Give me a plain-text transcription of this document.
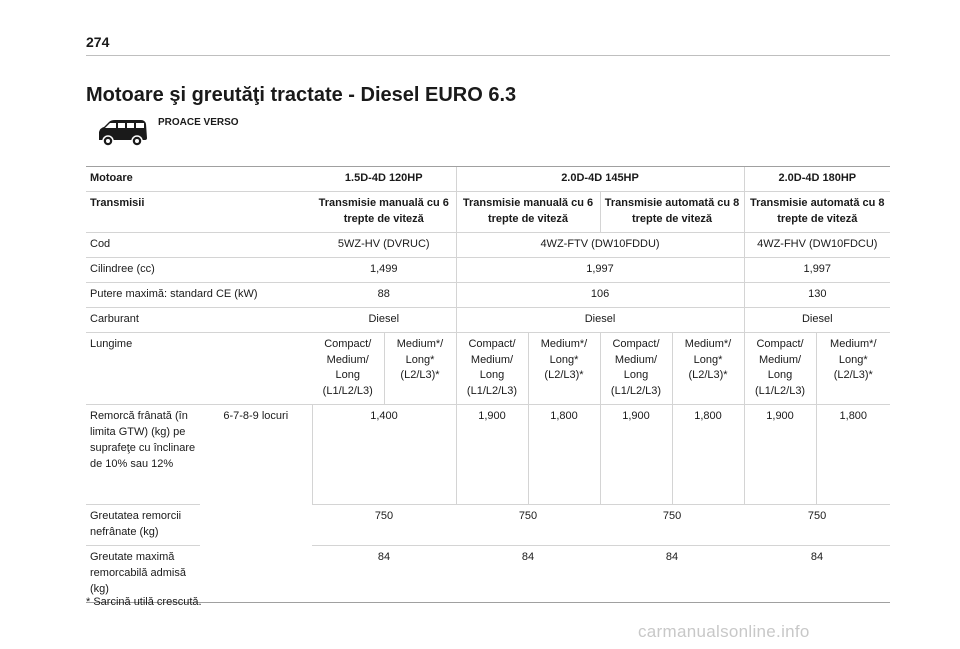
274
Motoare şi greutăţi tractate - Diesel EURO 6.3
PROACE VERSO
Motoare		1.5D-4D 120HP		2.0D-4D 145HP				2.0D-4D 180HP	
Transmisii		Transmisie manuală cu 6 trepte de viteză		Transmisie manuală cu 6 trepte de viteză		Transmisie automată cu 8 trepte de viteză		Transmisie automată cu 8 trepte de viteză	
Cod		5WZ-HV (DVRUC)		4WZ-FTV (DW10FDDU)				4WZ-FHV (DW10FDCU)	
Cilindree (cc)		1,499		1,997				1,997	
Putere maximă: standard CE (kW)		88		106				130	
Carburant		Diesel		Diesel				Diesel	
Lungime		Compact/ Medium/ Long (L1/L2/L3)	Medium*/ Long* (L2/L3)*	Compact/ Medium/ Long (L1/L2/L3)	Medium*/ Long* (L2/L3)*	Compact/ Medium/ Long (L1/L2/L3)	Medium*/ Long* (L2/L3)*	Compact/ Medium/ Long (L1/L2/L3)	Medium*/ Long* (L2/L3)*
Remorcă frânată (în limita GTW) (kg) pe suprafeţe cu înclinare de 10% sau 12%	6-7-8-9 locuri	1,400		1,900	1,800	1,900	1,800	1,900	1,800
Greutatea remorcii nefrânate (kg)		750		750		750		750	
Greutate maximă remorcabilă admisă (kg)		84		84		84		84	
* Sarcină utilă crescută.
carmanualsonline.info
